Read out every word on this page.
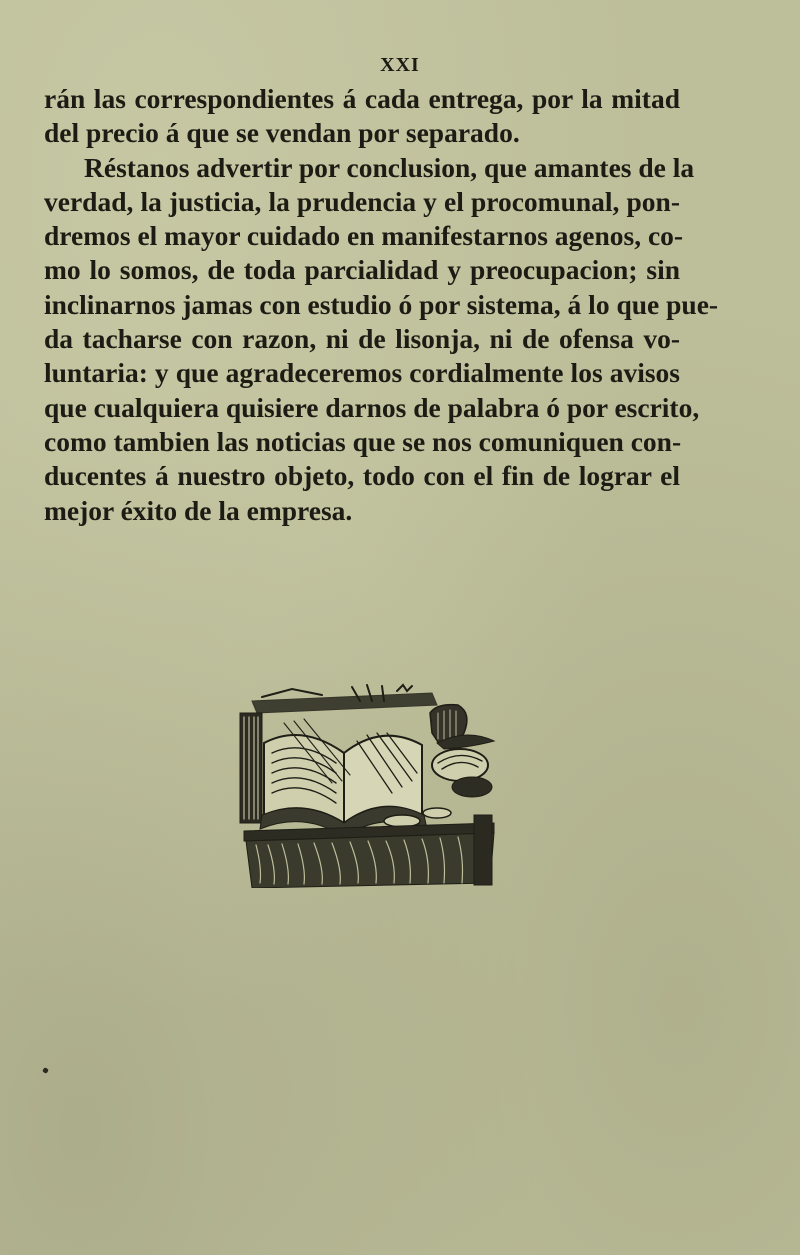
XXI
rán las correspondientes á cada entrega, por la mitad
del precio á que se vendan por separado.
Réstanos advertir por conclusion, que amantes de la
verdad, la justicia, la prudencia y el procomunal, pon-
dremos el mayor cuidado en manifestarnos agenos, co-
mo lo somos, de toda parcialidad y preocupacion; sin
inclinarnos jamas con estudio ó por sistema, á lo que pue-
da tacharse con razon, ni de lisonja, ni de ofensa vo-
luntaria: y que agradeceremos cordialmente los avisos
que cualquiera quisiere darnos de palabra ó por escrito,
como tambien las noticias que se nos comuniquen con-
ducentes á nuestro objeto, todo con el fin de lograr el
mejor éxito de la empresa.
